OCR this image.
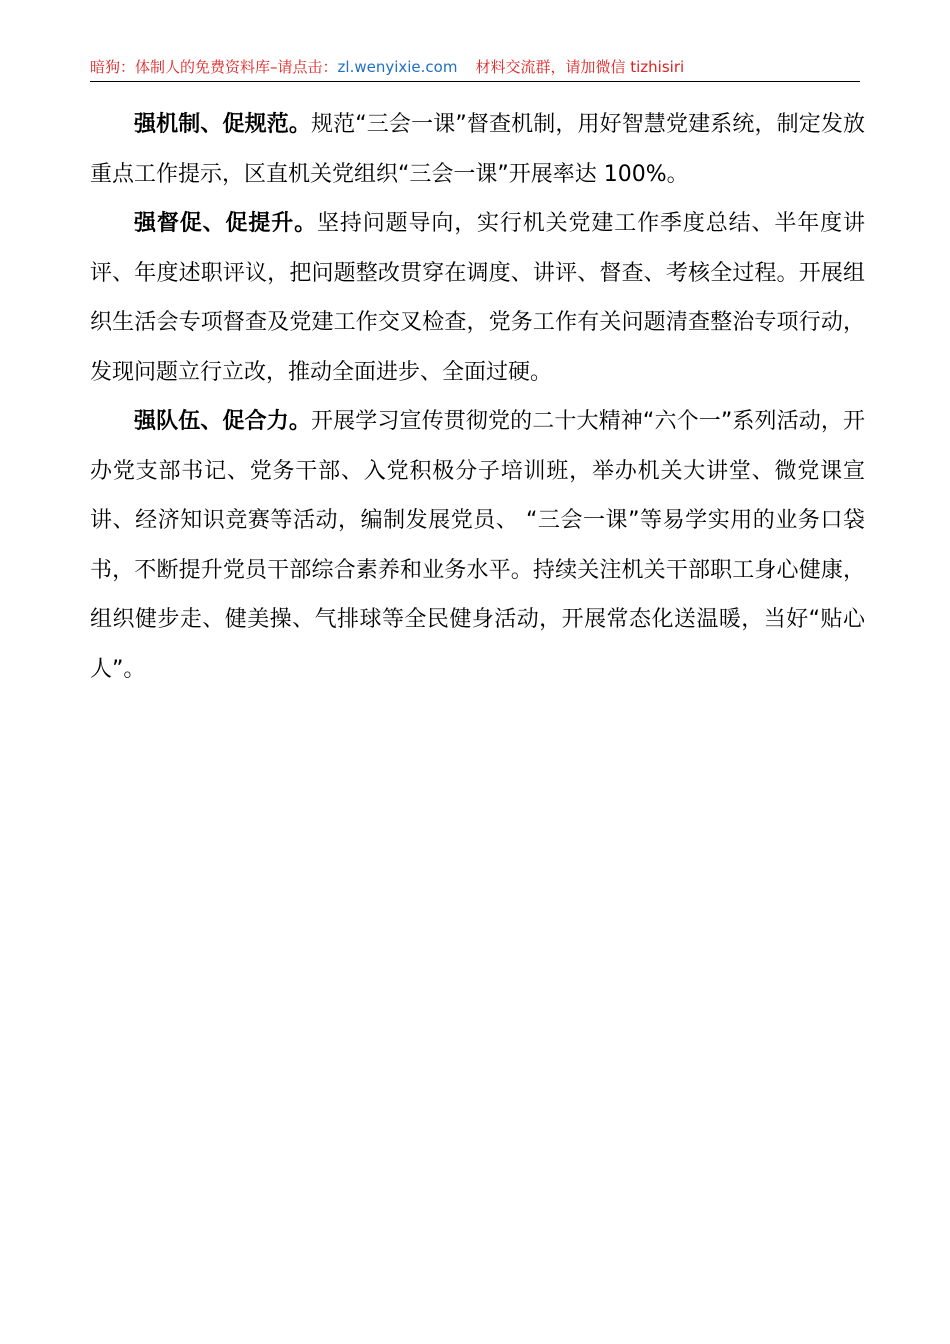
暗狗：体制人的免费资料库–请点击：zl.wenyixie.com 材料交流群，请加微信 tizhisiri

强机制、促规范。规范“三会一课”督查机制，用好智慧党建系统，制定发放重点工作提示，区直机关党组织“三会一课”开展率达 100%。

强督促、促提升。坚持问题导向，实行机关党建工作季度总结、半年度讲评、年度述职评议，把问题整改贯穿在调度、讲评、督查、考核全过程。开展组织生活会专项督查及党建工作交叉检查，党务工作有关问题清查整治专项行动，发现问题立行立改，推动全面进步、全面过硬。

强队伍、促合力。开展学习宣传贯彻党的二十大精神“六个一”系列活动，开办党支部书记、党务干部、入党积极分子培训班，举办机关大讲堂、微党课宣讲、经济知识竞赛等活动，编制发展党员、 “三会一课”等易学实用的业务口袋书，不断提升党员干部综合素养和业务水平。持续关注机关干部职工身心健康，组织健步走、健美操、气排球等全民健身活动，开展常态化送温暖，当好“贴心人”。
